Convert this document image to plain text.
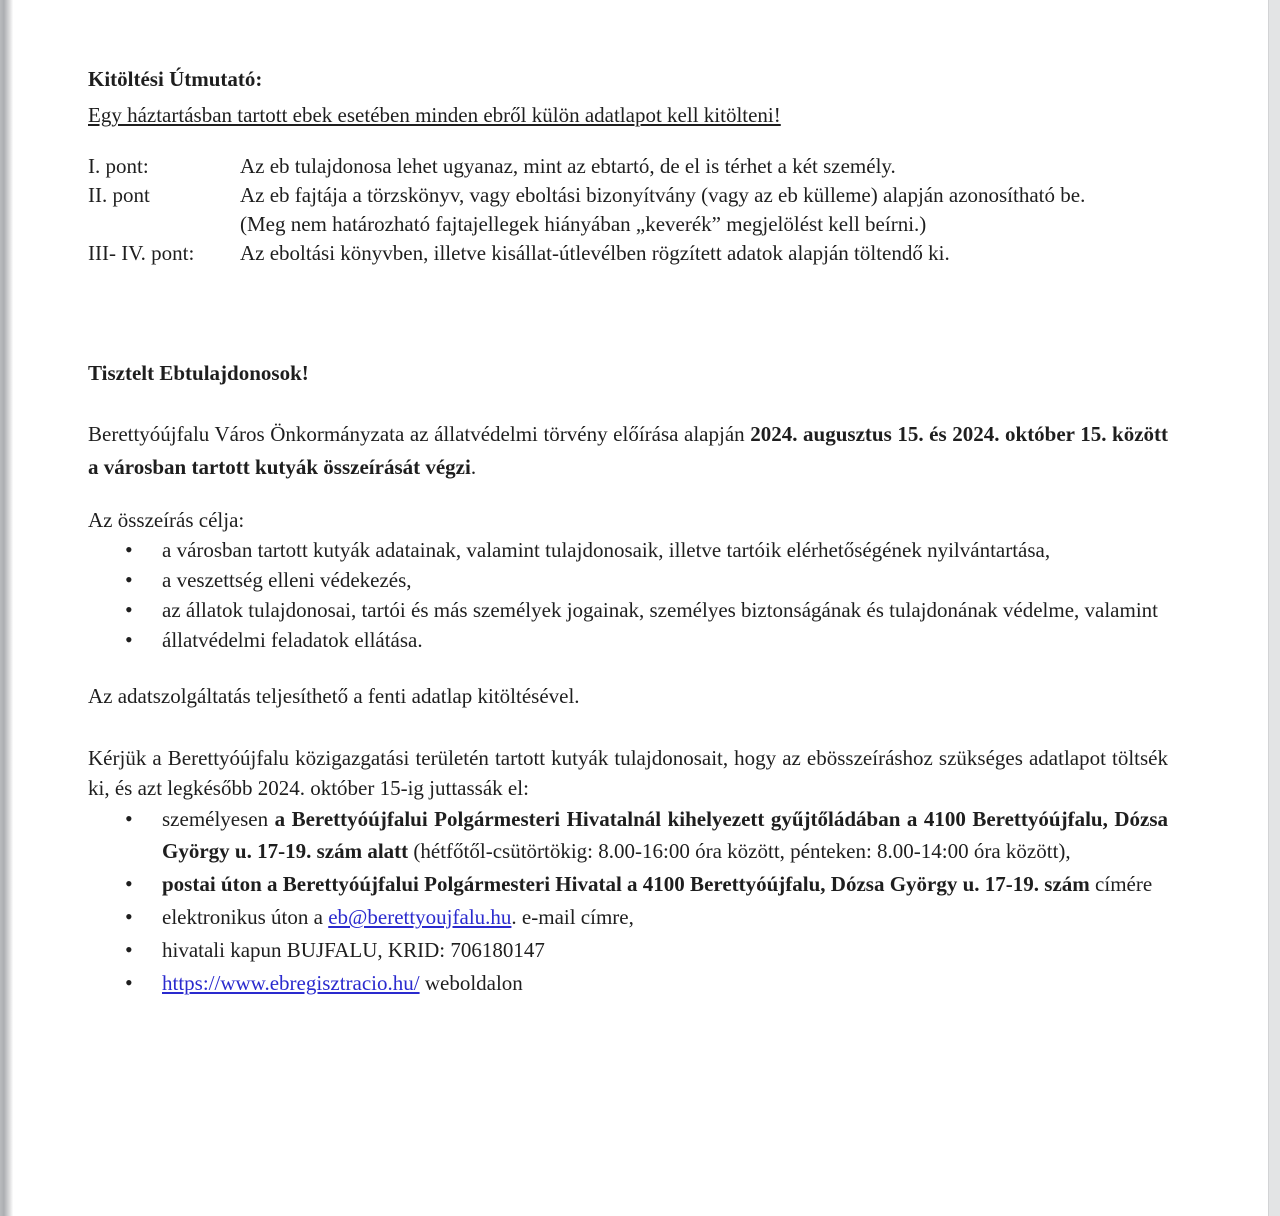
Kitöltési Útmutató:
Egy háztartásban tartott ebek esetében minden ebről külön adatlapot kell kitölteni!
I. pont:	Az eb tulajdonosa lehet ugyanaz, mint az ebtartó, de el is térhet a két személy.
II. pont	Az eb fajtája a törzskönyv, vagy eboltási bizonyítvány (vagy az eb külleme) alapján azonosítható be.
(Meg nem határozható fajtajellegek hiányában „keverék” megjelölést kell beírni.)
III- IV. pont:	Az eboltási könyvben, illetve kisállat-útlevélben rögzített adatok alapján töltendő ki.
Tisztelt Ebtulajdonosok!
Berettyóújfalu Város Önkormányzata az állatvédelmi törvény előírása alapján 2024. augusztus 15. és 2024. október 15. között a városban tartott kutyák összeírását végzi.
Az összeírás célja:
• a városban tartott kutyák adatainak, valamint tulajdonosaik, illetve tartóik elérhetőségének nyilvántartása,
• a veszettség elleni védekezés,
• az állatok tulajdonosai, tartói és más személyek jogainak, személyes biztonságának és tulajdonának védelme, valamint
• állatvédelmi feladatok ellátása.
Az adatszolgáltatás teljesíthető a fenti adatlap kitöltésével.
Kérjük a Berettyóújfalu közigazgatási területén tartott kutyák tulajdonosait, hogy az ebösszeíráshoz szükséges adatlapot töltsék ki, és azt legkésőbb 2024. október 15-ig juttassák el:
• személyesen a Berettyóújfalui Polgármesteri Hivatalnál kihelyezett gyűjtőládában a 4100 Berettyóújfalu, Dózsa György u. 17-19. szám alatt (hétfőtől-csütörtökig: 8.00-16:00 óra között, pénteken: 8.00-14:00 óra között),
• postai úton a Berettyóújfalui Polgármesteri Hivatal a 4100 Berettyóújfalu, Dózsa György u. 17-19. szám címére
• elektronikus úton a eb@berettyoujfalu.hu. e-mail címre,
• hivatali kapun BUJFALU, KRID: 706180147
• https://www.ebregisztracio.hu/ weboldalon
